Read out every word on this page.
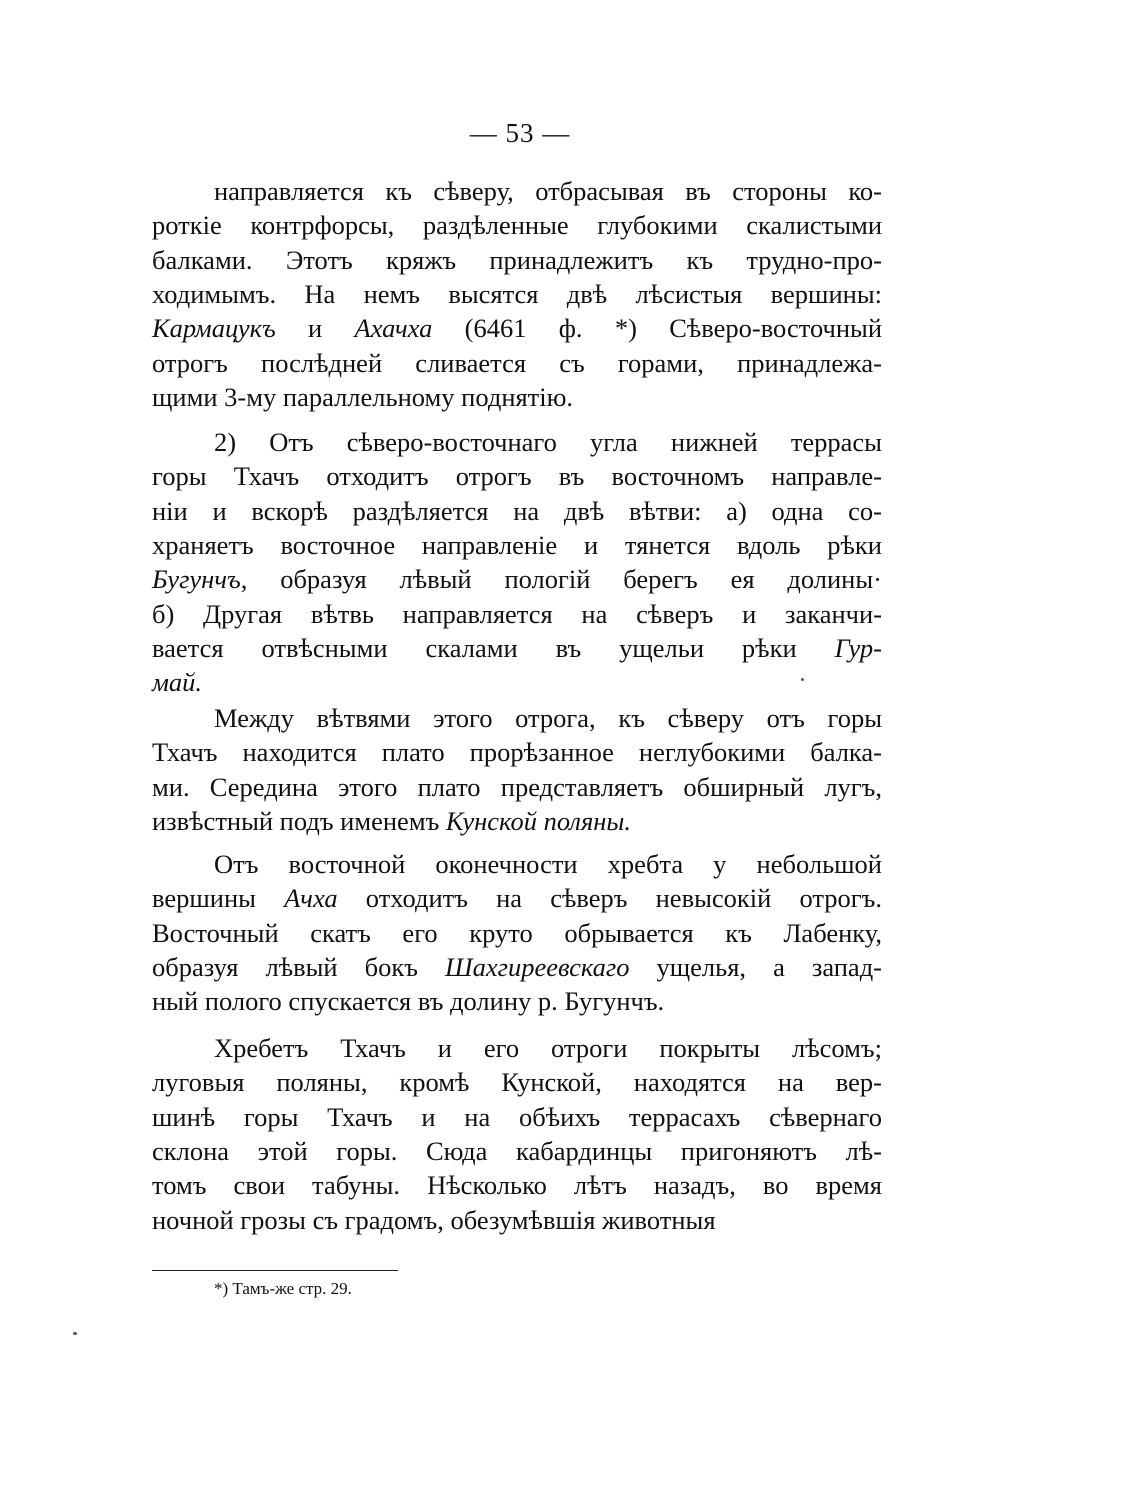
— 53 —
направляется къ сѣверу, отбрасывая въ стороны ко-
роткіе контрфорсы, раздѣленные глубокими скалистыми
балками. Этотъ кряжъ принадлежитъ къ трудно-про-
ходимымъ. На немъ высятся двѣ лѣсистыя вершины:
Кармацукъ и Ахачха (6461 ф. *) Сѣверо-восточный
отрогъ послѣдней сливается съ горами, принадлежа-
щими 3-му параллельному поднятію.
2) Отъ сѣверо-восточнаго угла нижней террасы
горы Тхачъ отходитъ отрогъ въ восточномъ направле-
ніи и вскорѣ раздѣляется на двѣ вѣтви: а) одна со-
храняетъ восточное направленіе и тянется вдоль рѣки
Бугунчъ, образуя лѣвый пологій берегъ ея долины·
б) Другая вѣтвь направляется на сѣверъ и заканчи-
вается отвѣсными скалами въ ущельи рѣки Гур-
май.
Между вѣтвями этого отрога, къ сѣверу отъ горы
Тхачъ находится плато прорѣзанное неглубокими балка-
ми. Середина этого плато представляетъ обширный лугъ,
извѣстный подъ именемъ Кунской поляны.
Отъ восточной оконечности хребта у небольшой
вершины Ачха отходитъ на сѣверъ невысокій отрогъ.
Восточный скатъ его круто обрывается къ Лабенку,
образуя лѣвый бокъ Шахгиреевскаго ущелья, а запад-
ный полого спускается въ долину р. Бугунчъ.
Хребетъ Тхачъ и его отроги покрыты лѣсомъ;
луговыя поляны, кромѣ Кунской, находятся на вер-
шинѣ горы Тхачъ и на обѣихъ террасахъ сѣвернаго
склона этой горы. Сюда кабардинцы пригоняютъ лѣ-
томъ свои табуны. Нѣсколько лѣтъ назадъ, во время
ночной грозы съ градомъ, обезумѣвшія животныя
*) Тамъ-же стр. 29.
